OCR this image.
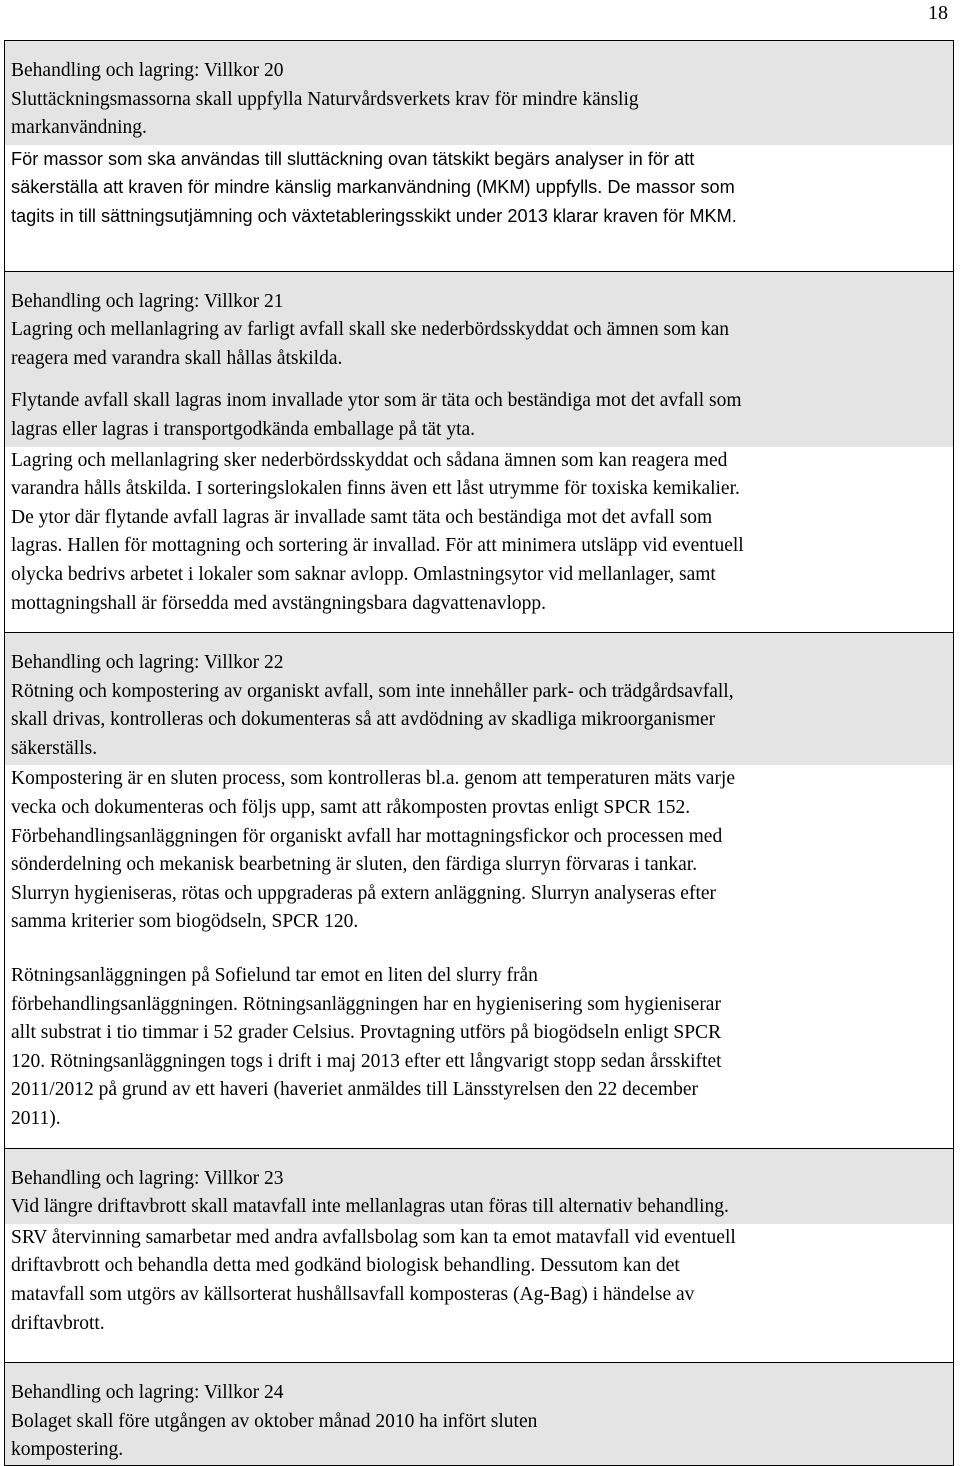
18
Behandling och lagring: Villkor 20
Sluttäckningsmassorna skall uppfylla Naturvårdsverkets krav för mindre känslig
markanvändning.
För massor som ska användas till sluttäckning ovan tätskikt begärs analyser in för att
säkerställa att kraven för mindre känslig markanvändning (MKM) uppfylls. De massor som
tagits in till sättningsutjämning och växtetableringsskikt under 2013 klarar kraven för MKM.
Behandling och lagring: Villkor 21
Lagring och mellanlagring av farligt avfall skall ske nederbördsskyddat och ämnen som kan
reagera med varandra skall hållas åtskilda.
Flytande avfall skall lagras inom invallade ytor som är täta och beständiga mot det avfall som
lagras eller lagras i transportgodkända emballage på tät yta.
Lagring och mellanlagring sker nederbördsskyddat och sådana ämnen som kan reagera med
varandra hålls åtskilda. I sorteringslokalen finns även ett låst utrymme för toxiska kemikalier.
De ytor där flytande avfall lagras är invallade samt täta och beständiga mot det avfall som
lagras. Hallen för mottagning och sortering är invallad. För att minimera utsläpp vid eventuell
olycka bedrivs arbetet i lokaler som saknar avlopp. Omlastningsytor vid mellanlager, samt
mottagningshall är försedda med avstängningsbara dagvattenavlopp.
Behandling och lagring: Villkor 22
Rötning och kompostering av organiskt avfall, som inte innehåller park- och trädgårdsavfall,
skall drivas, kontrolleras och dokumenteras så att avdödning av skadliga mikroorganismer
säkerställs.
Kompostering är en sluten process, som kontrolleras bl.a. genom att temperaturen mäts varje
vecka och dokumenteras och följs upp, samt att råkomposten provtas enligt SPCR 152.
Förbehandlingsanläggningen för organiskt avfall har mottagningsfickor och processen med
sönderdelning och mekanisk bearbetning är sluten, den färdiga slurryn förvaras i tankar.
Slurryn hygieniseras, rötas och uppgraderas på extern anläggning. Slurryn analyseras efter
samma kriterier som biogödseln, SPCR 120.
Rötningsanläggningen på Sofielund tar emot en liten del slurry från
förbehandlingsanläggningen. Rötningsanläggningen har en hygienisering som hygieniserar
allt substrat i tio timmar i 52 grader Celsius. Provtagning utförs på biogödseln enligt SPCR
120. Rötningsanläggningen togs i drift i maj 2013 efter ett långvarigt stopp sedan årsskiftet
2011/2012 på grund av ett haveri (haveriet anmäldes till Länsstyrelsen den 22 december
2011).
Behandling och lagring: Villkor 23
Vid längre driftavbrott skall matavfall inte mellanlagras utan föras till alternativ behandling.
SRV återvinning samarbetar med andra avfallsbolag som kan ta emot matavfall vid eventuell
driftavbrott och behandla detta med godkänd biologisk behandling. Dessutom kan det
matavfall som utgörs av källsorterat hushållsavfall komposteras (Ag-Bag) i händelse av
driftavbrott.
Behandling och lagring: Villkor 24
Bolaget skall före utgången av oktober månad 2010 ha infört sluten
kompostering.
